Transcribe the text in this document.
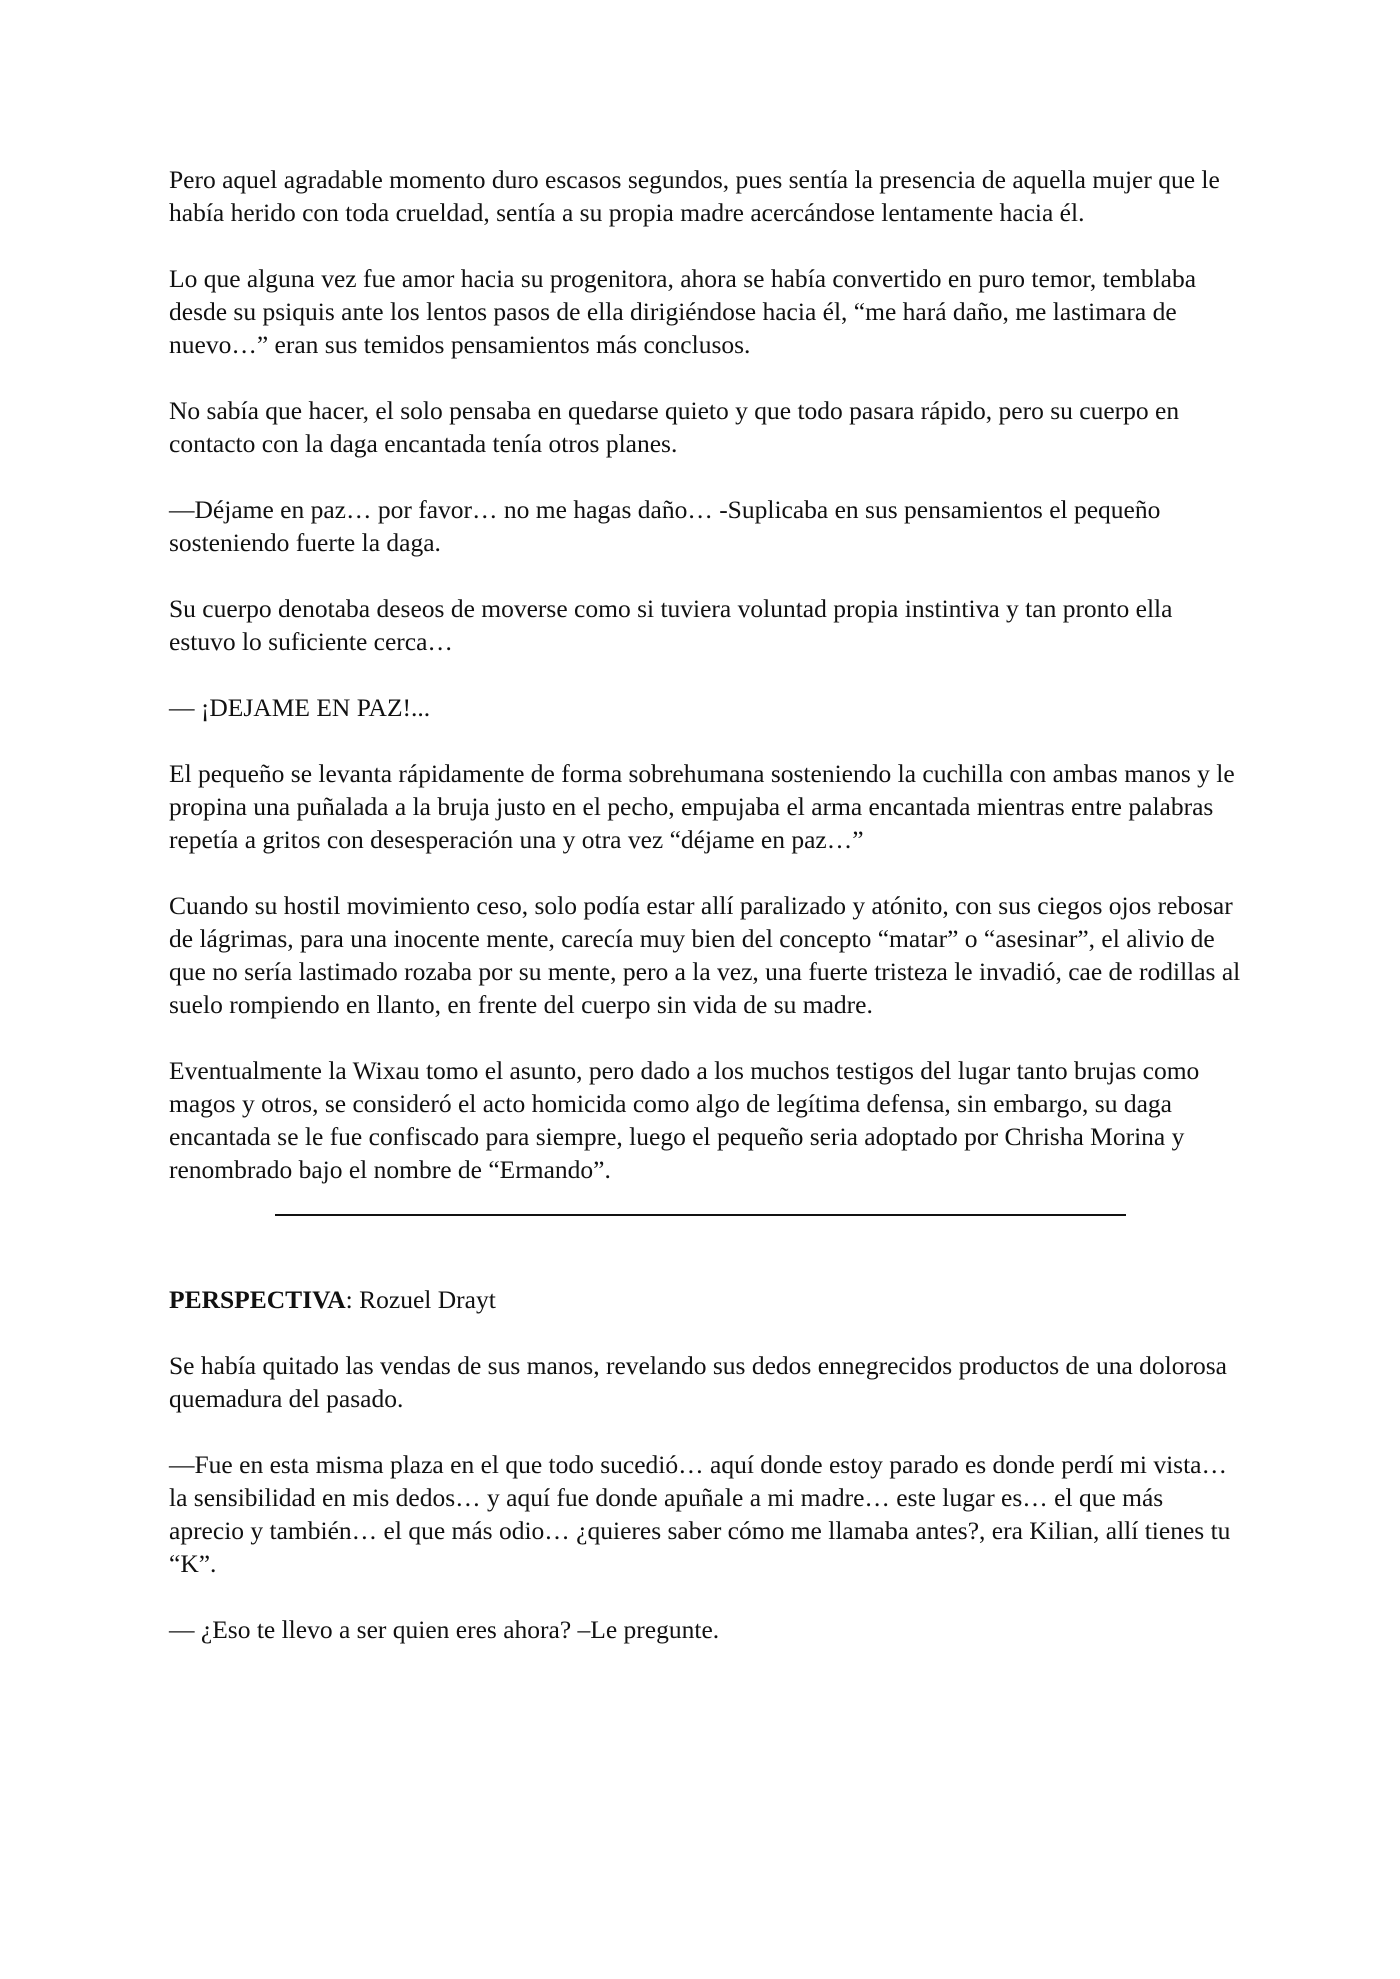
Pero aquel agradable momento duro escasos segundos, pues sentía la presencia de aquella mujer que le había herido con toda crueldad, sentía a su propia madre acercándose lentamente hacia él.

Lo que alguna vez fue amor hacia su progenitora, ahora se había convertido en puro temor, temblaba desde su psiquis ante los lentos pasos de ella dirigiéndose hacia él, “me hará daño, me lastimara de nuevo…” eran sus temidos pensamientos más conclusos.

No sabía que hacer, el solo pensaba en quedarse quieto y que todo pasara rápido, pero su cuerpo en contacto con la daga encantada tenía otros planes.

—Déjame en paz… por favor… no me hagas daño… -Suplicaba en sus pensamientos el pequeño sosteniendo fuerte la daga.

Su cuerpo denotaba deseos de moverse como si tuviera voluntad propia instintiva y tan pronto ella estuvo lo suficiente cerca…

— ¡DEJAME EN PAZ!...

El pequeño se levanta rápidamente de forma sobrehumana sosteniendo la cuchilla con ambas manos y le propina una puñalada a la bruja justo en el pecho, empujaba el arma encantada mientras entre palabras repetía a gritos con desesperación una y otra vez “déjame en paz…”

Cuando su hostil movimiento ceso, solo podía estar allí paralizado y atónito, con sus ciegos ojos rebosar de lágrimas, para una inocente mente, carecía muy bien del concepto “matar” o “asesinar”, el alivio de que no sería lastimado rozaba por su mente, pero a la vez, una fuerte tristeza le invadió, cae de rodillas al suelo rompiendo en llanto, en frente del cuerpo sin vida de su madre.

Eventualmente la Wixau tomo el asunto, pero dado a los muchos testigos del lugar tanto brujas como magos y otros, se consideró el acto homicida como algo de legítima defensa, sin embargo, su daga encantada se le fue confiscado para siempre, luego el pequeño seria adoptado por Chrisha Morina y renombrado bajo el nombre de “Ermando”.

PERSPECTIVA: Rozuel Drayt

Se había quitado las vendas de sus manos, revelando sus dedos ennegrecidos productos de una dolorosa quemadura del pasado.

—Fue en esta misma plaza en el que todo sucedió… aquí donde estoy parado es donde perdí mi vista… la sensibilidad en mis dedos… y aquí fue donde apuñale a mi madre… este lugar es… el que más aprecio y también… el que más odio… ¿quieres saber cómo me llamaba antes?, era Kilian, allí tienes tu “K”.

— ¿Eso te llevo a ser quien eres ahora? –Le pregunte.
